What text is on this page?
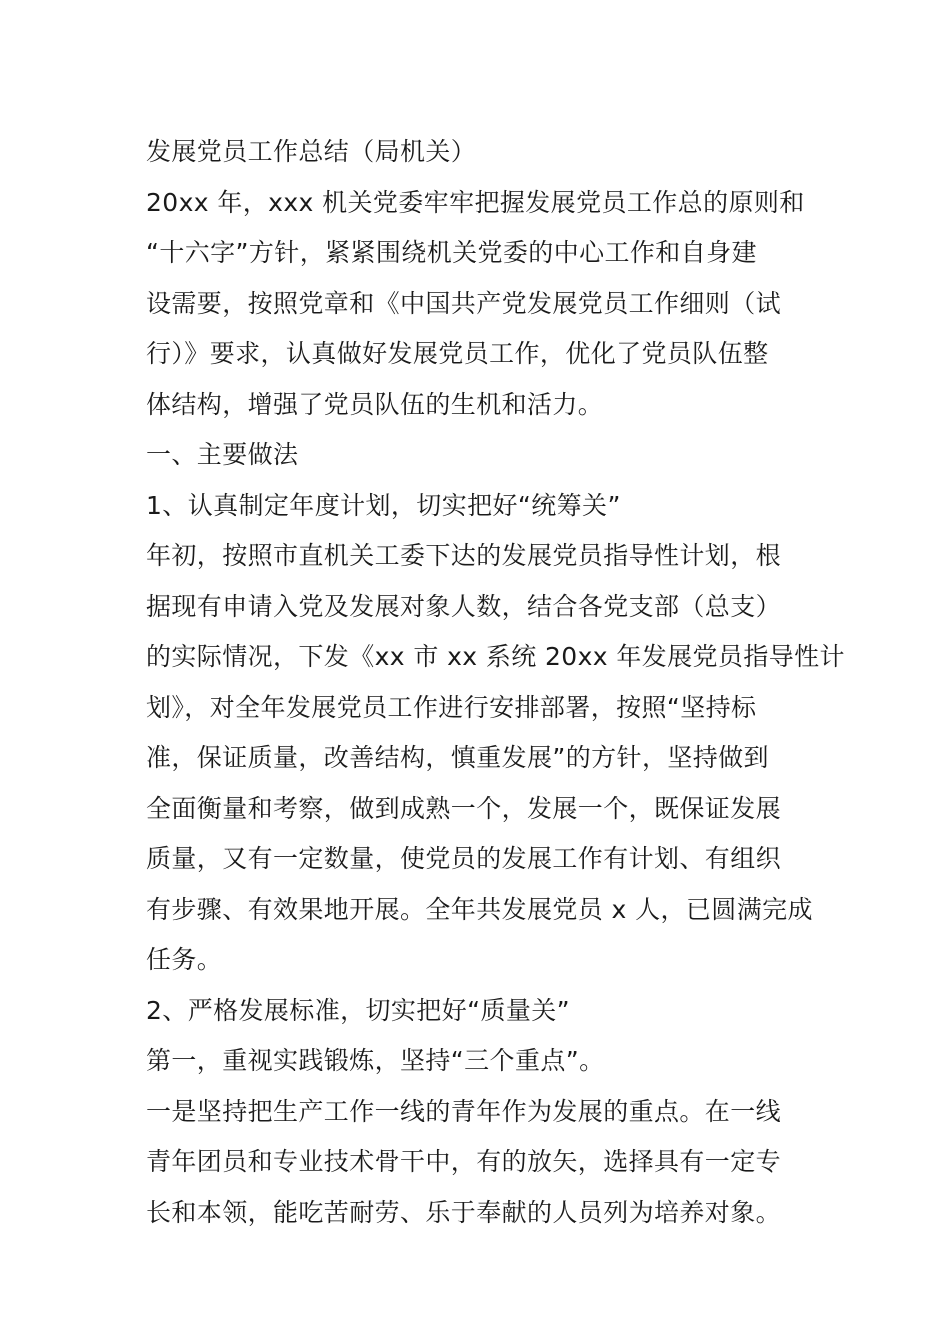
发展党员工作总结（局机关）
20xx 年，xxx 机关党委牢牢把握发展党员工作总的原则和
“十六字”方针，紧紧围绕机关党委的中心工作和自身建
设需要，按照党章和《中国共产党发展党员工作细则（试
行）》要求，认真做好发展党员工作，优化了党员队伍整
体结构，增强了党员队伍的生机和活力。
一、主要做法
1、认真制定年度计划，切实把好“统筹关”
年初，按照市直机关工委下达的发展党员指导性计划，根
据现有申请入党及发展对象人数，结合各党支部（总支）
的实际情况，下发《xx 市 xx 系统 20xx 年发展党员指导性计
划》，对全年发展党员工作进行安排部署，按照“坚持标
准，保证质量，改善结构，慎重发展”的方针，坚持做到
全面衡量和考察，做到成熟一个，发展一个，既保证发展
质量，又有一定数量，使党员的发展工作有计划、有组织
有步骤、有效果地开展。全年共发展党员 x 人，已圆满完成
任务。
2、严格发展标准，切实把好“质量关”
第一，重视实践锻炼，坚持“三个重点”。
一是坚持把生产工作一线的青年作为发展的重点。在一线
青年团员和专业技术骨干中，有的放矢，选择具有一定专
长和本领，能吃苦耐劳、乐于奉献的人员列为培养对象。
